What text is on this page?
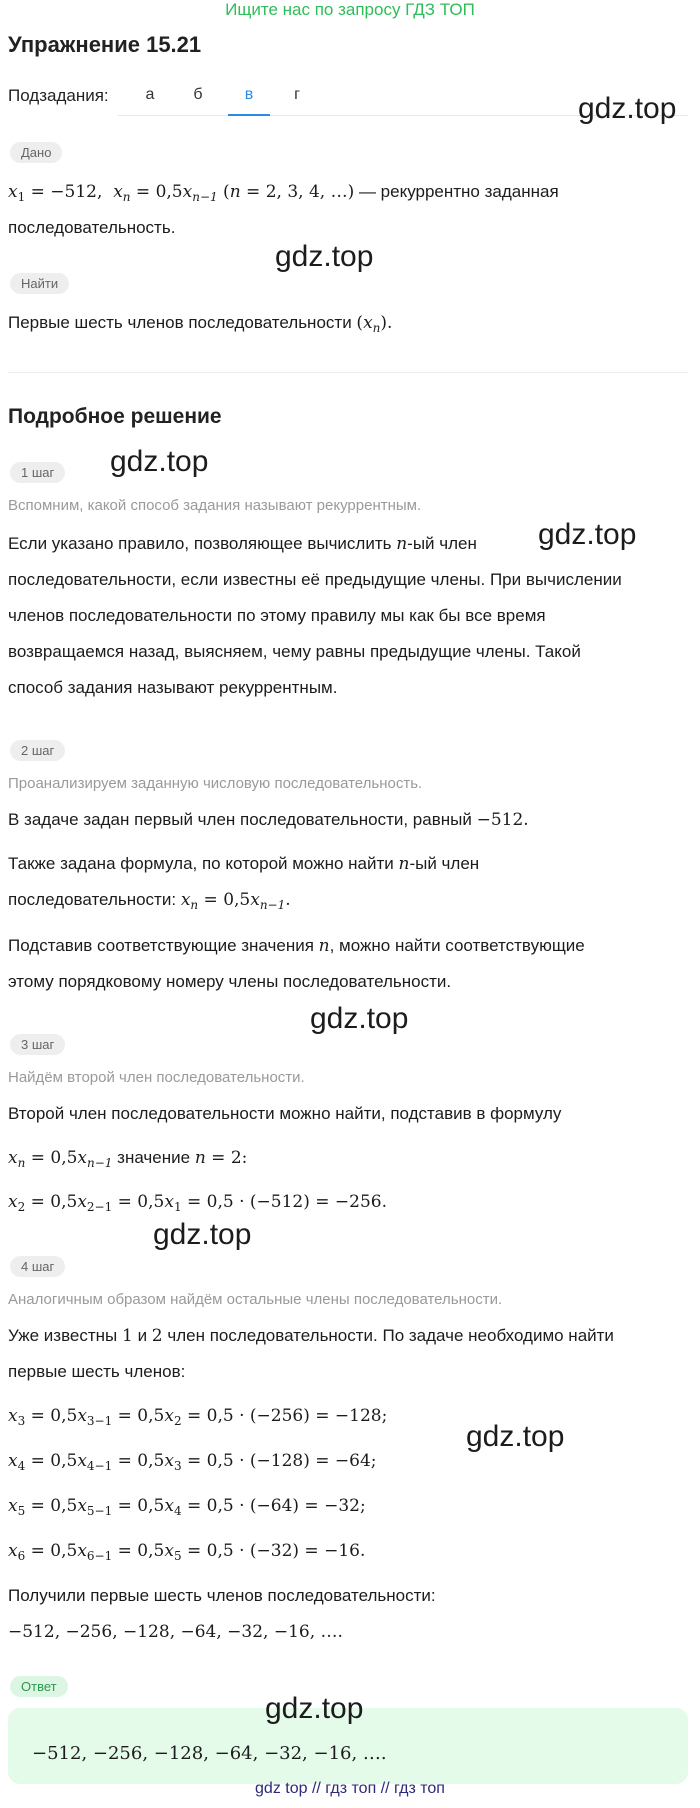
Ищите нас по запросу ГДЗ ТОП
Упражнение 15.21
Подзадания:	а	б	в	г	gdz.top
Дано
$x_1 = -512$,  $x_n = 0,5x_{n-1}$ (n = 2, 3, 4, …) — рекуррентно заданная
последовательность.
gdz.top
Найти
Первые шесть членов последовательности $(x_n)$.
Подробное решение
1 шаг	gdz.top
Вспомним, какой способ задания называют рекуррентным.
gdz.top
Если указано правило, позволяющее вычислить n-ый член
последовательности, если известны её предыдущие члены. При вычислении
членов последовательности по этому правилу мы как бы все время
возвращаемся назад, выясняем, чему равны предыдущие члены. Такой
способ задания называют рекуррентным.
2 шаг
Проанализируем заданную числовую последовательность.
В задаче задан первый член последовательности, равный −512.
Также задана формула, по которой можно найти n-ый член
последовательности: $x_n = 0,5x_{n-1}$.
Подставив соответствующие значения n, можно найти соответствующие
этому порядковому номеру члены последовательности.
gdz.top
3 шаг
Найдём второй член последовательности.
Второй член последовательности можно найти, подставив в формулу
$x_n = 0,5x_{n-1}$ значение n = 2:
$x_2 = 0,5x_{2-1} = 0,5x_1 = 0,5 \cdot (-512) = -256$.
gdz.top
4 шаг
Аналогичным образом найдём остальные члены последовательности.
Уже известны 1 и 2 член последовательности. По задаче необходимо найти
первые шесть членов:
$x_3 = 0,5x_{3-1} = 0,5x_2 = 0,5 \cdot (-256) = -128$;
gdz.top
$x_4 = 0,5x_{4-1} = 0,5x_3 = 0,5 \cdot (-128) = -64$;
$x_5 = 0,5x_{5-1} = 0,5x_4 = 0,5 \cdot (-64) = -32$;
$x_6 = 0,5x_{6-1} = 0,5x_5 = 0,5 \cdot (-32) = -16$.
Получили первые шесть членов последовательности:
−512, −256, −128, −64, −32, −16, ….
Ответ
gdz.top
−512, −256, −128, −64, −32, −16, ….
gdz top // гдз топ // гдз топ
